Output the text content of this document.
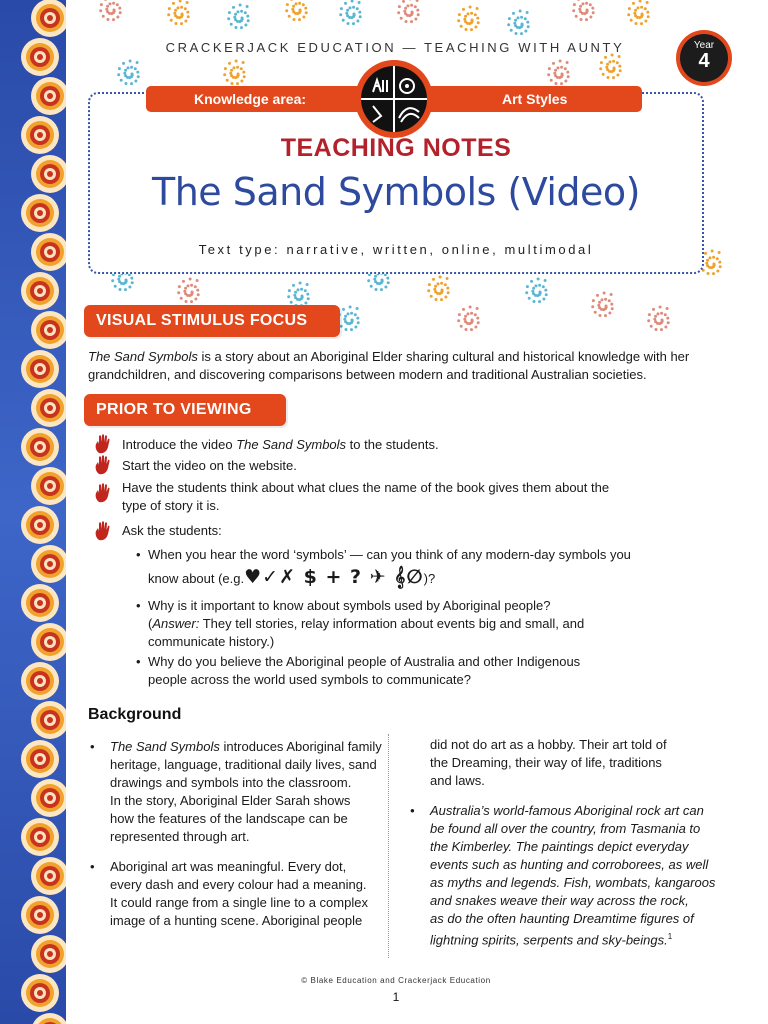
CRACKERJACK EDUCATION — TEACHING WITH AUNTY	Year
4
Knowledge area:	Art Styles
TEACHING NOTES
The Sand Symbols (Video)
Text type: narrative, written, online, multimodal
VISUAL STIMULUS FOCUS
The Sand Symbols is a story about an Aboriginal Elder sharing cultural and historical knowledge with her
grandchildren, and discovering comparisons between modern and traditional Australian societies.
PRIOR TO VIEWING
Introduce the video The Sand Symbols to the students.
Start the video on the website.
Have the students think about what clues the name of the book gives them about the
type of story it is.
Ask the students:
• When you hear the word ‘symbols’ — can you think of any modern-day symbols you
know about (e.g.♥✓✗ $ + ? ✈ 𝄞∅)?
• Why is it important to know about symbols used by Aboriginal people?
(Answer: They tell stories, relay information about events big and small, and
communicate history.)
• Why do you believe the Aboriginal people of Australia and other Indigenous
people across the world used symbols to communicate?
Background
• The Sand Symbols introduces Aboriginal family
heritage, language, traditional daily lives, sand
drawings and symbols into the classroom.
In the story, Aboriginal Elder Sarah shows
how the features of the landscape can be
represented through art.
• Aboriginal art was meaningful. Every dot,
every dash and every colour had a meaning.
It could range from a single line to a complex
image of a hunting scene. Aboriginal people
did not do art as a hobby. Their art told of
the Dreaming, their way of life, traditions
and laws.
• Australia’s world-famous Aboriginal rock art can
be found all over the country, from Tasmania to
the Kimberley. The paintings depict everyday
events such as hunting and corroborees, as well
as myths and legends. Fish, wombats, kangaroos
and snakes weave their way across the rock,
as do the often haunting Dreamtime figures of
lightning spirits, serpents and sky-beings.$^1$
© Blake Education and Crackerjack Education
1
